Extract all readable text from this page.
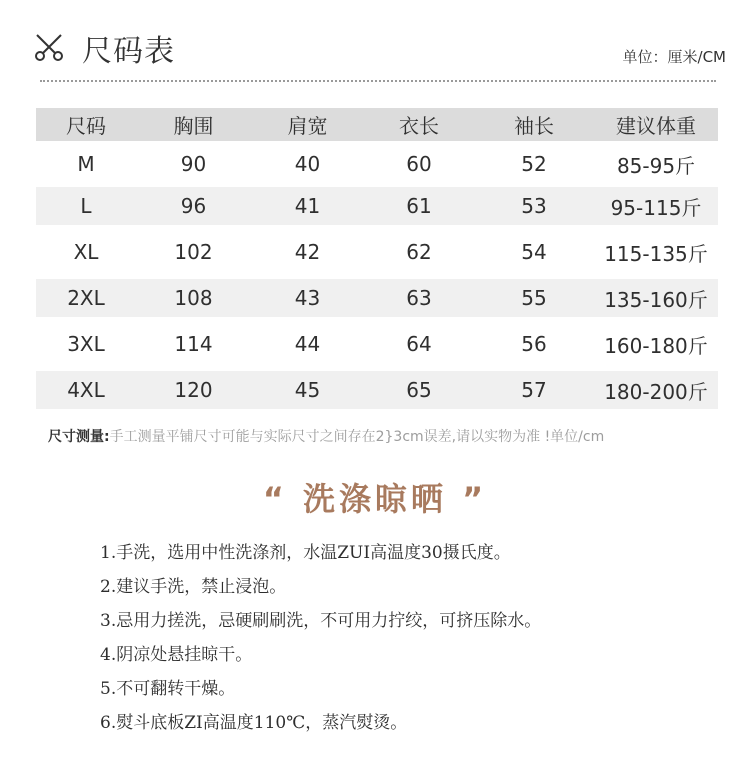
尺码表	单位：厘米/CM
尺码	胸围	肩宽	衣长	袖长	建议体重
M	90	40	60	52	85-95斤
L	96	41	61	53	95-115斤
XL	102	42	62	54	115-135斤
2XL	108	43	63	55	135-160斤
3XL	114	44	64	56	160-180斤
4XL	120	45	65	57	180-200斤
尺寸测量:手工测量平铺尺寸可能与实际尺寸之间存在2}3cm误差,请以实物为准 !单位/cm
“ 洗涤晾晒 ”
1.手洗，选用中性洗涤剂，水温ZUI高温度30摄氏度。
2.建议手洗，禁止浸泡。
3.忌用力搓洗，忌硬刷刷洗，不可用力拧绞，可挤压除水。
4.阴凉处悬挂晾干。
5.不可翻转干燥。
6.熨斗底板ZI高温度110℃，蒸汽熨烫。
